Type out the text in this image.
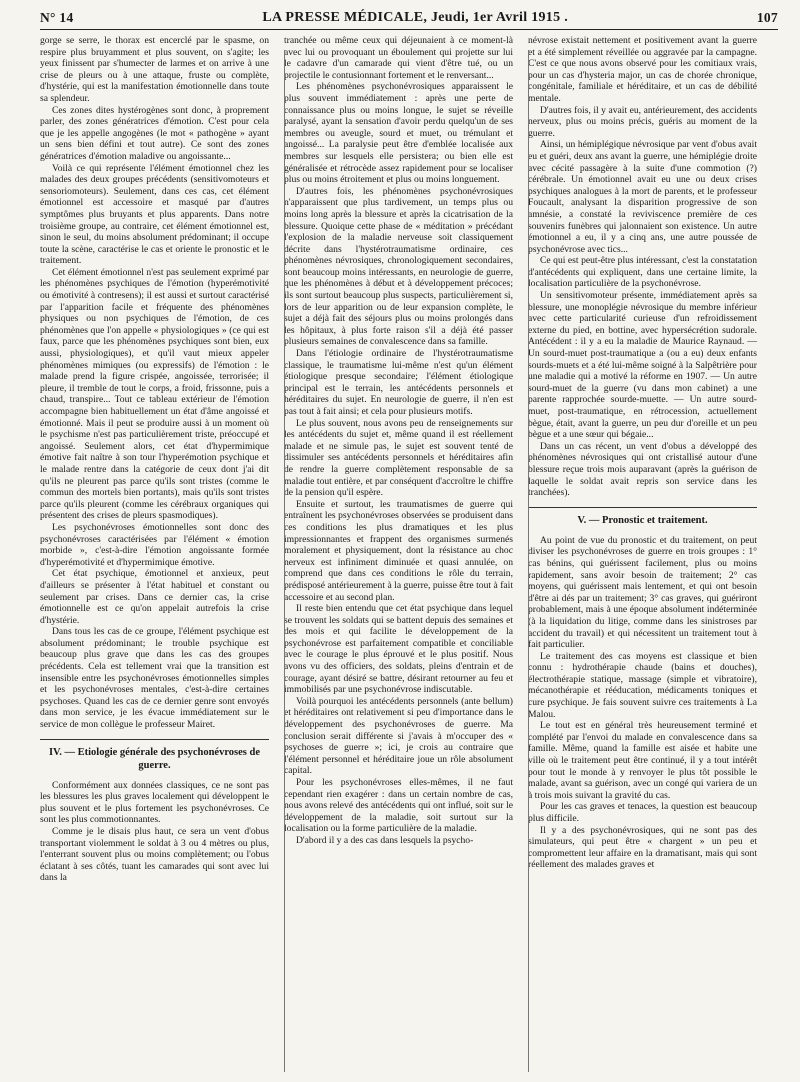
N° 14	LA PRESSE MÉDICALE, Jeudi, 1er Avril 1915 .	107

gorge se serre, le thorax est encerclé par le spasme, on respire plus bruyamment et plus souvent, on s'agite; les yeux finissent par s'humecter de larmes et on arrive à une crise de pleurs ou à une attaque, fruste ou complète, d'hystérie, qui est la manifestation émotionnelle dans toute sa splendeur.

Ces zones dites hystérogènes sont donc, à proprement parler, des zones génératrices d'émotion. C'est pour cela que je les appelle angogènes (le mot « pathogène » ayant un sens bien défini et tout autre). Ce sont des zones génératrices d'émotion maladive ou angoissante...

Voilà ce qui représente l'élément émotionnel chez les malades des deux groupes précédents (sensitivomoteurs et sensoriomoteurs). Seulement, dans ces cas, cet élément émotionnel est accessoire et masqué par d'autres symptômes plus bruyants et plus apparents. Dans notre troisième groupe, au contraire, cet élément émotionnel est, sinon le seul, du moins absolument prédominant; il occupe toute la scène, caractérise le cas et oriente le pronostic et le traitement.

Cet élément émotionnel n'est pas seulement exprimé par les phénomènes psychiques de l'émotion (hyperémotivité ou émotivité à contresens); il est aussi et surtout caractérisé par l'apparition facile et fréquente des phénomènes physiques ou non psychiques de l'émotion, de ces phénomènes que l'on appelle « physiologiques » (ce qui est faux, parce que les phénomènes psychiques sont bien, eux aussi, physiologiques), et qu'il vaut mieux appeler phénomènes mimiques (ou expressifs) de l'émotion : le malade prend la figure crispée, angoissée, terrorisée; il pleure, il tremble de tout le corps, a froid, frissonne, puis a chaud, transpire... Tout ce tableau extérieur de l'émotion accompagne bien habituellement un état d'âme angoissé et émotionné. Mais il peut se produire aussi à un moment où le psychisme n'est pas particulièrement triste, préoccupé et angoissé. Seulement alors, cet état d'hypermimique émotive fait naître à son tour l'hyperémotion psychique et le malade rentre dans la catégorie de ceux dont j'ai dit qu'ils ne pleurent pas parce qu'ils sont tristes (comme le commun des mortels bien portants), mais qu'ils sont tristes parce qu'ils pleurent (comme les cérébraux organiques qui présentent des crises de pleurs spasmodiques).

Les psychonévroses émotionnelles sont donc des psychonévroses caractérisées par l'élément « émotion morbide », c'est-à-dire l'émotion angoissante formée d'hyperémotivité et d'hypermimique émotive.

Cet état psychique, émotionnel et anxieux, peut d'ailleurs se présenter à l'état habituel et constant ou seulement par crises. Dans ce dernier cas, la crise émotionnelle est ce qu'on appelait autrefois la crise d'hystérie.

Dans tous les cas de ce groupe, l'élément psychique est absolument prédominant; le trouble psychique est beaucoup plus grave que dans les cas des groupes précédents. Cela est tellement vrai que la transition est insensible entre les psychonévroses émotionnelles simples et les psychonévroses mentales, c'est-à-dire certaines psychoses. Quand les cas de ce dernier genre sont envoyés dans mon service, je les évacue immédiatement sur le service de mon collègue le professeur Mairet.

IV. — Etiologie générale des psychonévroses de guerre.

Conformément aux données classiques, ce ne sont pas les blessures les plus graves localement qui développent le plus souvent et le plus fortement les psychonévroses. Ce sont les plus commotionnantes.

Comme je le disais plus haut, ce sera un vent d'obus transportant violemment le soldat à 3 ou 4 mètres ou plus, l'enterrant souvent plus ou moins complètement; ou l'obus éclatant à ses côtés, tuant les camarades qui sont avec lui dans la

tranchée ou même ceux qui déjeunaient à ce moment-là avec lui ou provoquant un éboulement qui projette sur lui le cadavre d'un camarade qui vient d'être tué, ou un projectile le contusionnant fortement et le renversant...

Les phénomènes psychonévrosiques apparaissent le plus souvent immédiatement : après une perte de connaissance plus ou moins longue, le sujet se réveille paralysé, ayant la sensation d'avoir perdu quelqu'un de ses membres ou aveugle, sourd et muet, ou trémulant et angoissé... La paralysie peut être d'emblée localisée aux membres sur lesquels elle persistera; ou bien elle est généralisée et rétrocède assez rapidement pour se localiser plus ou moins étroitement et plus ou moins longuement.

D'autres fois, les phénomènes psychonévrosiques n'apparaissent que plus tardivement, un temps plus ou moins long après la blessure et après la cicatrisation de la blessure. Quoique cette phase de « méditation » précédant l'explosion de la maladie nerveuse soit classiquement décrite dans l'hystérotraumatisme ordinaire, ces phénomènes névrosiques, chronologiquement secondaires, sont beaucoup moins intéressants, en neurologie de guerre, que les phénomènes à début et à développement précoces; ils sont surtout beaucoup plus suspects, particulièrement si, lors de leur apparition ou de leur expansion complète, le sujet a déjà fait des séjours plus ou moins prolongés dans les hôpitaux, à plus forte raison s'il a déjà été passer plusieurs semaines de convalescence dans sa famille.

Dans l'étiologie ordinaire de l'hystérotraumatisme classique, le traumatisme lui-même n'est qu'un élément étiologique presque secondaire; l'élément étiologique principal est le terrain, les antécédents personnels et héréditaires du sujet. En neurologie de guerre, il n'en est pas tout à fait ainsi; et cela pour plusieurs motifs.

Le plus souvent, nous avons peu de renseignements sur les antécédents du sujet et, même quand il est réellement malade et ne simule pas, le sujet est souvent tenté de dissimuler ses antécédents personnels et héréditaires afin de rendre la guerre complètement responsable de sa maladie tout entière, et par conséquent d'accroître le chiffre de la pension qu'il espère.

Ensuite et surtout, les traumatismes de guerre qui entraînent les psychonévroses observées se produisent dans ces conditions les plus dramatiques et les plus impressionnantes et frappent des organismes surmenés moralement et physiquement, dont la résistance au choc nerveux est infiniment diminuée et quasi annulée, on comprend que dans ces conditions le rôle du terrain, prédisposé antérieurement à la guerre, puisse être tout à fait accessoire et au second plan.

Il reste bien entendu que cet état psychique dans lequel se trouvent les soldats qui se battent depuis des semaines et des mois et qui facilite le développement de la psychonévrose est parfaitement compatible et conciliable avec le courage le plus éprouvé et le plus positif. Nous avons vu des officiers, des soldats, pleins d'entrain et de courage, ayant désiré se battre, désirant retourner au feu et immobilisés par une psychonévrose indiscutable.

Voilà pourquoi les antécédents personnels (ante bellum) et héréditaires ont relativement si peu d'importance dans le développement des psychonévroses de guerre. Ma conclusion serait différente si j'avais à m'occuper des « psychoses de guerre »; ici, je crois au contraire que l'élément personnel et héréditaire joue un rôle absolument capital.

Pour les psychonévroses elles-mêmes, il ne faut cependant rien exagérer : dans un certain nombre de cas, nous avons relevé des antécédents qui ont influé, soit sur le développement de la maladie, soit surtout sur la localisation ou la forme particulière de la maladie.

D'abord il y a des cas dans lesquels la psycho-

névrose existait nettement et positivement avant la guerre et a été simplement réveillée ou aggravée par la campagne. C'est ce que nous avons observé pour les comitiaux vrais, pour un cas d'hysteria major, un cas de chorée chronique, congénitale, familiale et héréditaire, et un cas de débilité mentale.

D'autres fois, il y avait eu, antérieurement, des accidents nerveux, plus ou moins précis, guéris au moment de la guerre.

Ainsi, un hémiplégique névrosique par vent d'obus avait eu et guéri, deux ans avant la guerre, une hémiplégie droite avec cécité passagère à la suite d'une commotion (?) cérébrale. Un émotionnel avait eu une ou deux crises psychiques analogues à la mort de parents, et le professeur Foucault, analysant la disparition progressive de son amnésie, a constaté la reviviscence première de ces souvenirs funèbres qui jalonnaient son existence. Un autre émotionnel a eu, il y a cinq ans, une autre poussée de psychonévrose avec tics...

Ce qui est peut-être plus intéressant, c'est la constatation d'antécédents qui expliquent, dans une certaine limite, la localisation particulière de la psychonévrose.

Un sensitivomoteur présente, immédiatement après sa blessure, une monoplégie névrosique du membre inférieur avec cette particularité curieuse d'un refroidissement externe du pied, en bottine, avec hypersécrétion sudorale. Antécédent : il y a eu la maladie de Maurice Raynaud. — Un sourd-muet post-traumatique a (ou a eu) deux enfants sourds-muets et a été lui-même soigné à la Salpêtrière pour une maladie qui a motivé la réforme en 1907. — Un autre sourd-muet de la guerre (vu dans mon cabinet) a une parente rapprochée sourde-muette. — Un autre sourd-muet, post-traumatique, en rétrocession, actuellement bègue, était, avant la guerre, un peu dur d'oreille et un peu bègue et a une sœur qui bégaie...

Dans un cas récent, un vent d'obus a développé des phénomènes névrosiques qui ont cristallisé autour d'une blessure reçue trois mois auparavant (après la guérison de laquelle le soldat avait repris son service dans les tranchées).

V. — Pronostic et traitement.

Au point de vue du pronostic et du traitement, on peut diviser les psychonévroses de guerre en trois groupes : 1° cas bénins, qui guérissent facilement, plus ou moins rapidement, sans avoir besoin de traitement; 2° cas moyens, qui guérissent mais lentement, et qui ont besoin d'être ai dés par un traitement; 3° cas graves, qui guériront probablement, mais à une époque absolument indéterminée (à la liquidation du litige, comme dans les sinistroses par accident du travail) et qui nécessitent un traitement tout à fait particulier.

Le traitement des cas moyens est classique et bien connu : hydrothérapie chaude (bains et douches), électrothérapie statique, massage (simple et vibratoire), mécanothérapie et rééducation, médicaments toniques et cure psychique. Je fais souvent suivre ces traitements à La Malou.

Le tout est en général très heureusement terminé et complété par l'envoi du malade en convalescence dans sa famille. Même, quand la famille est aisée et habite une ville où le traitement peut être continué, il y a tout intérêt pour tout le monde à y renvoyer le plus tôt possible le malade, avant sa guérison, avec un congé qui variera de un à trois mois suivant la gravité du cas.

Pour les cas graves et tenaces, la question est beaucoup plus difficile.

Il y a des psychonévrosiques, qui ne sont pas des simulateurs, qui peut être « chargent » un peu et compromettent leur affaire en la dramatisant, mais qui sont réellement des malades graves et
